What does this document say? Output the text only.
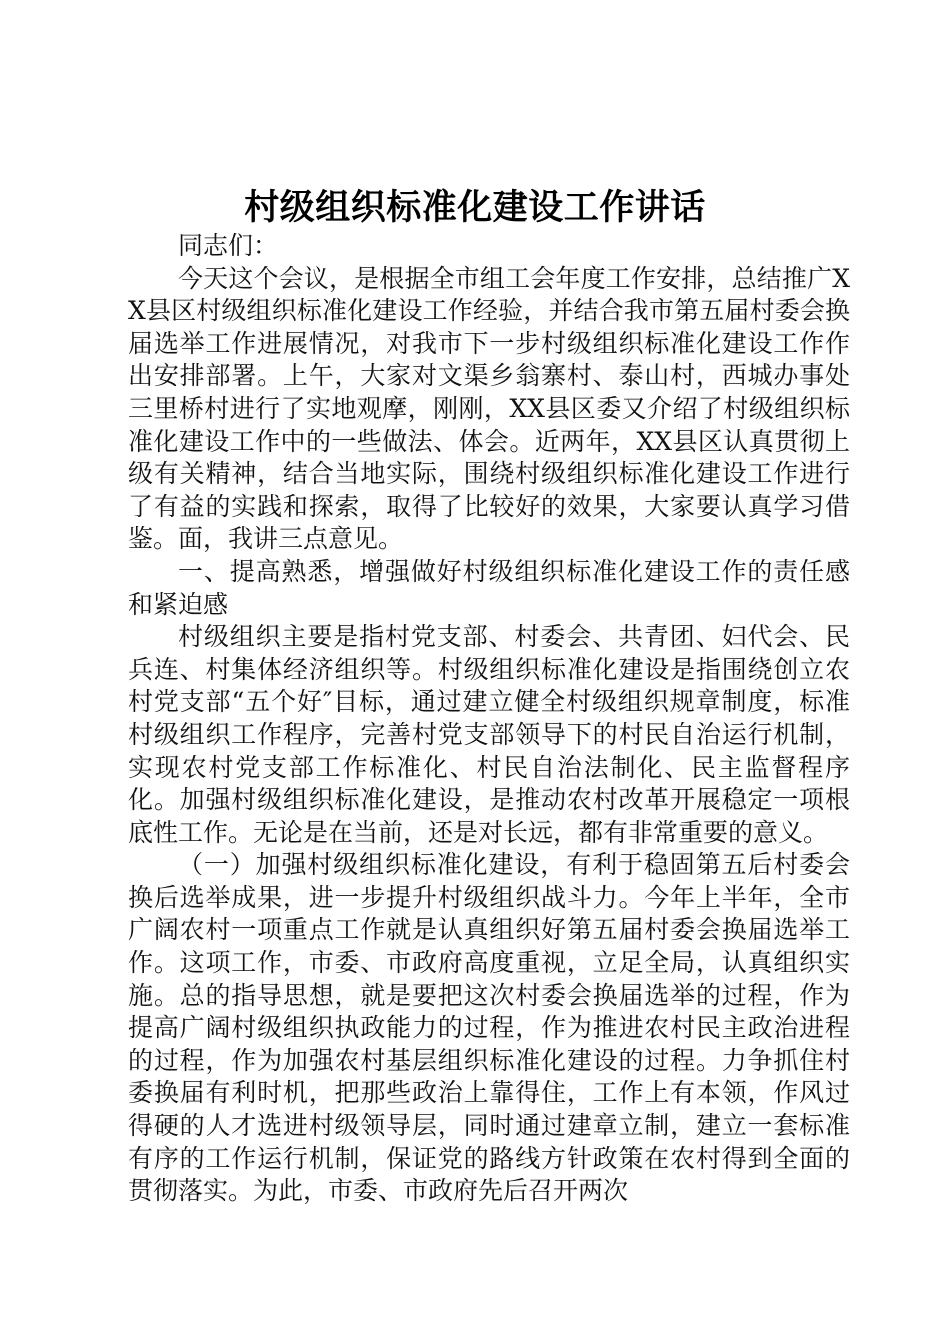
村级组织标准化建设工作讲话

同志们：

今天这个会议，是根据全市组工会年度工作安排，总结推广XX县区村级组织标准化建设工作经验，并结合我市第五届村委会换届选举工作进展情况，对我市下一步村级组织标准化建设工作作出安排部署。上午，大家对文渠乡翁寨村、泰山村，西城办事处三里桥村进行了实地观摩，刚刚，XX县区委又介绍了村级组织标准化建设工作中的一些做法、体会。近两年，XX县区认真贯彻上级有关精神，结合当地实际，围绕村级组织标准化建设工作进行了有益的实践和探索，取得了比较好的效果，大家要认真学习借鉴。面，我讲三点意见。

一、提高熟悉，增强做好村级组织标准化建设工作的责任感和紧迫感

村级组织主要是指村党支部、村委会、共青团、妇代会、民兵连、村集体经济组织等。村级组织标准化建设是指围绕创立农村党支部“五个好″目标，通过建立健全村级组织规章制度，标准村级组织工作程序，完善村党支部领导下的村民自治运行机制，实现农村党支部工作标准化、村民自治法制化、民主监督程序化。加强村级组织标准化建设，是推动农村改革开展稳定一项根底性工作。无论是在当前，还是对长远，都有非常重要的意义。

（一）加强村级组织标准化建设，有利于稳固第五后村委会换后选举成果，进一步提升村级组织战斗力。今年上半年，全市广阔农村一项重点工作就是认真组织好第五届村委会换届选举工作。这项工作，市委、市政府高度重视，立足全局，认真组织实施。总的指导思想，就是要把这次村委会换届选举的过程，作为提高广阔村级组织执政能力的过程，作为推进农村民主政治进程的过程，作为加强农村基层组织标准化建设的过程。力争抓住村委换届有利时机，把那些政治上靠得住，工作上有本领，作风过得硬的人才选进村级领导层，同时通过建章立制，建立一套标准有序的工作运行机制，保证党的路线方针政策在农村得到全面的贯彻落实。为此，市委、市政府先后召开两次
